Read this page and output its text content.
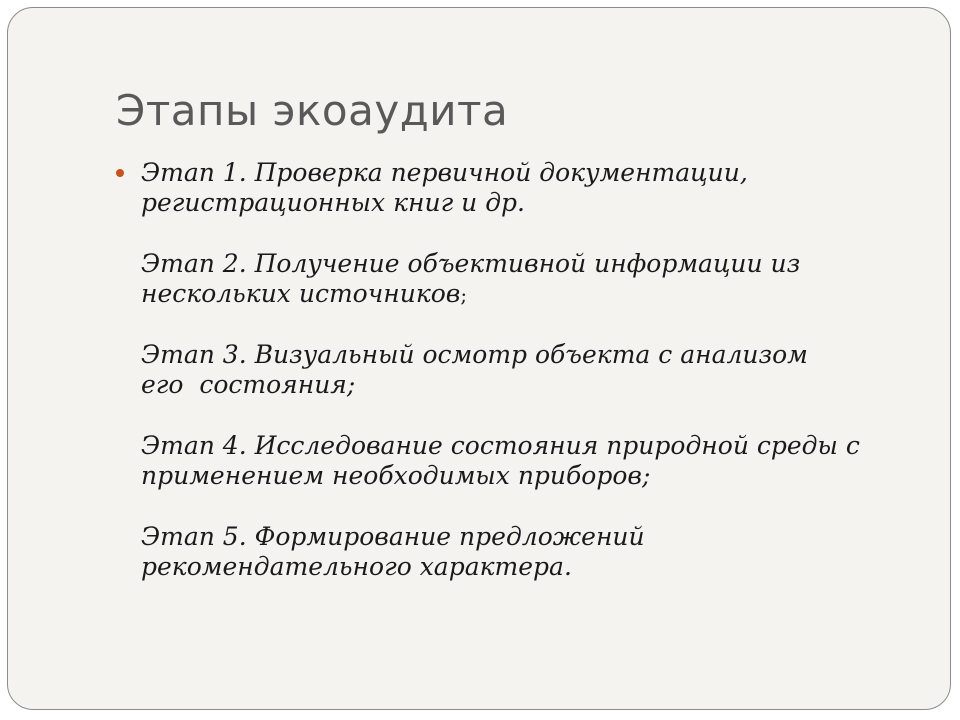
Этапы экоаудита
Этап 1. Проверка первичной документации,
регистрационных книг и др.
Этап 2. Получение объективной информации из
нескольких источников;
Этап 3. Визуальный осмотр объекта с анализом
его  состояния;
Этап 4. Исследование состояния природной среды с
применением необходимых приборов;
Этап 5. Формирование предложений
рекомендательного характера.
